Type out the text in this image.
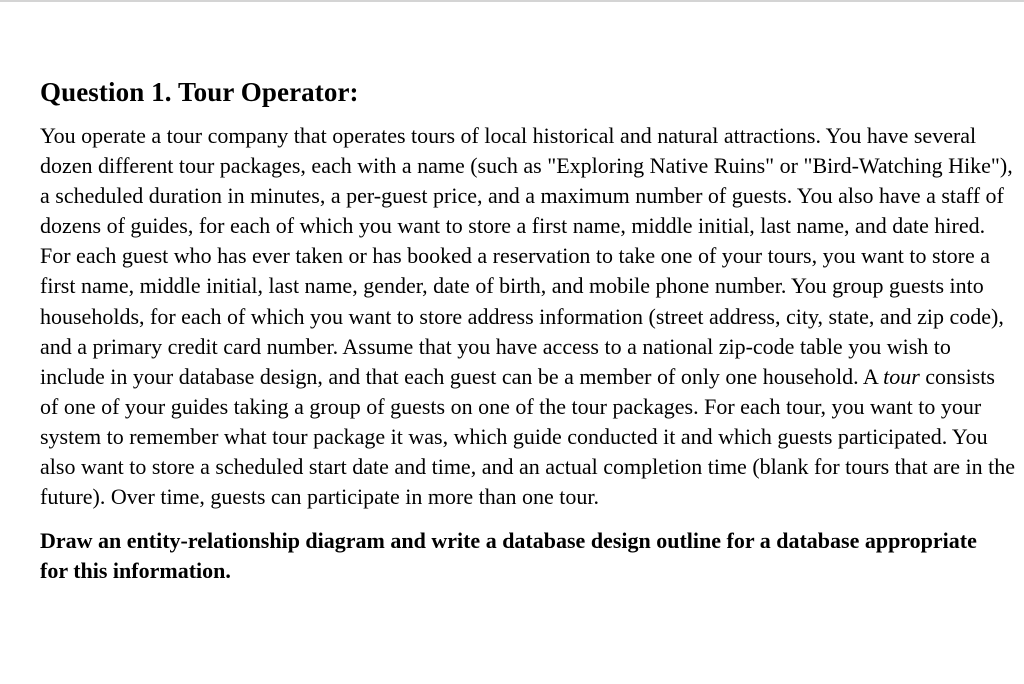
Question 1. Tour Operator:

You operate a tour company that operates tours of local historical and natural attractions. You have several dozen different tour packages, each with a name (such as "Exploring Native Ruins" or "Bird-Watching Hike"), a scheduled duration in minutes, a per-guest price, and a maximum number of guests. You also have a staff of dozens of guides, for each of which you want to store a first name, middle initial, last name, and date hired. For each guest who has ever taken or has booked a reservation to take one of your tours, you want to store a first name, middle initial, last name, gender, date of birth, and mobile phone number. You group guests into households, for each of which you want to store address information (street address, city, state, and zip code), and a primary credit card number. Assume that you have access to a national zip-code table you wish to include in your database design, and that each guest can be a member of only one household. A tour consists of one of your guides taking a group of guests on one of the tour packages. For each tour, you want to your system to remember what tour package it was, which guide conducted it and which guests participated. You also want to store a scheduled start date and time, and an actual completion time (blank for tours that are in the future). Over time, guests can participate in more than one tour.

Draw an entity-relationship diagram and write a database design outline for a database appropriate for this information.
